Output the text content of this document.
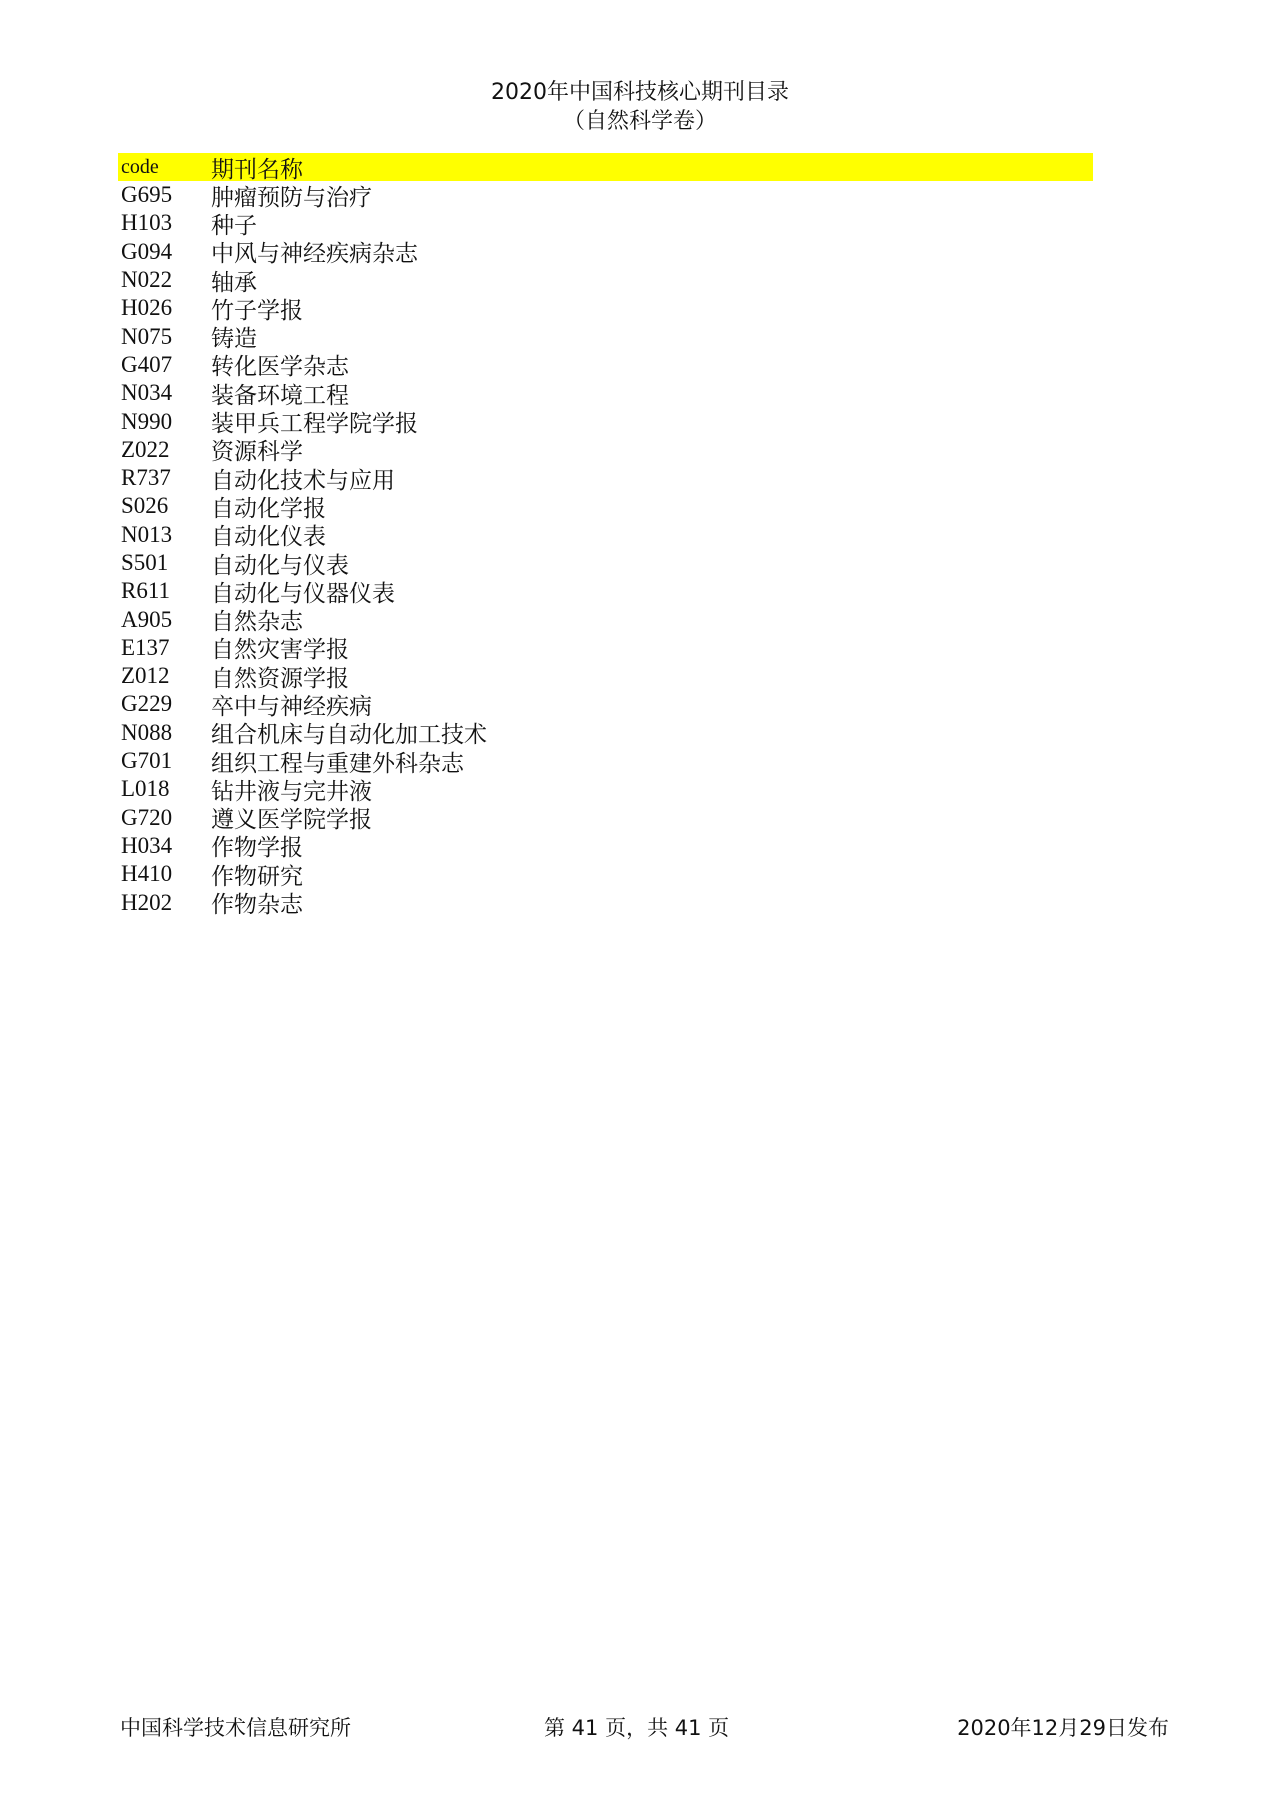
2020年中国科技核心期刊目录
（自然科学卷）
code	期刊名称
G695	肿瘤预防与治疗
H103	种子
G094	中风与神经疾病杂志
N022	轴承
H026	竹子学报
N075	铸造
G407	转化医学杂志
N034	装备环境工程
N990	装甲兵工程学院学报
Z022	资源科学
R737	自动化技术与应用
S026	自动化学报
N013	自动化仪表
S501	自动化与仪表
R611	自动化与仪器仪表
A905	自然杂志
E137	自然灾害学报
Z012	自然资源学报
G229	卒中与神经疾病
N088	组合机床与自动化加工技术
G701	组织工程与重建外科杂志
L018	钻井液与完井液
G720	遵义医学院学报
H034	作物学报
H410	作物研究
H202	作物杂志
中国科学技术信息研究所	第 41 页，共 41 页	2020年12月29日发布
